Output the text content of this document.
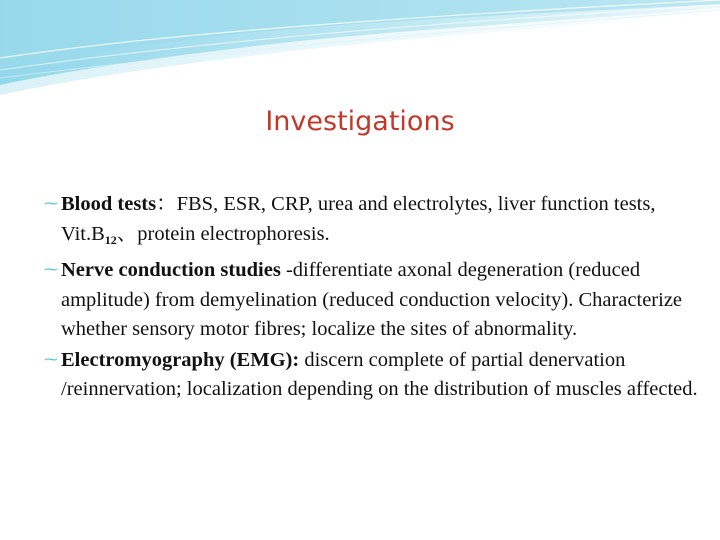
Investigations
⁓ Blood tests：FBS, ESR, CRP, urea and electrolytes, liver function tests, $Vit.B_{12}$、protein electrophoresis.
⁓ Nerve conduction studies -differentiate axonal degeneration (reduced amplitude) from demyelination (reduced conduction velocity). Characterize whether sensory motor fibres; localize the sites of abnormality.
⁓ Electromyography (EMG): discern complete of partial denervation /reinnervation; localization depending on the distribution of muscles affected.
